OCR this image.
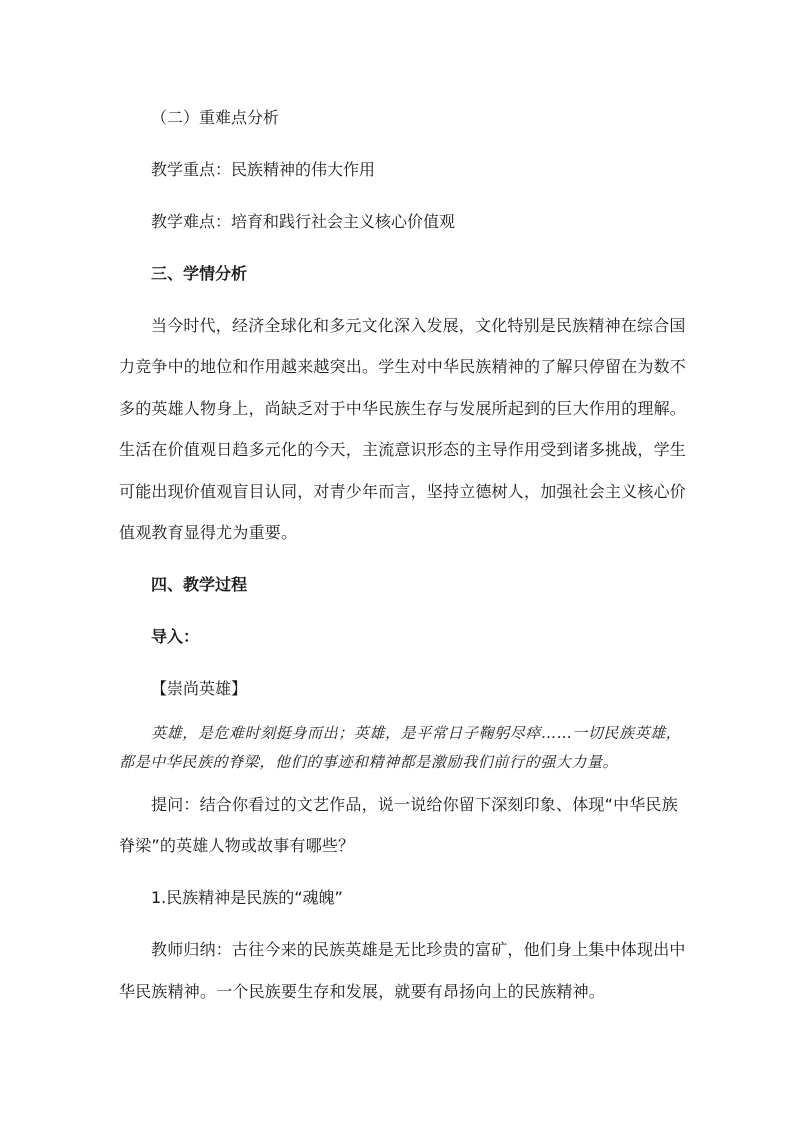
（二）重难点分析
教学重点：民族精神的伟大作用
教学难点：培育和践行社会主义核心价值观
三、学情分析
当今时代，经济全球化和多元文化深入发展，文化特别是民族精神在综合国
力竞争中的地位和作用越来越突出。学生对中华民族精神的了解只停留在为数不
多的英雄人物身上，尚缺乏对于中华民族生存与发展所起到的巨大作用的理解。
生活在价值观日趋多元化的今天，主流意识形态的主导作用受到诸多挑战，学生
可能出现价值观盲目认同，对青少年而言，坚持立德树人，加强社会主义核心价
值观教育显得尤为重要。
四、教学过程
导入：
【崇尚英雄】
英雄，是危难时刻挺身而出；英雄，是平常日子鞠躬尽瘁……一切民族英雄，
都是中华民族的脊梁，他们的事迹和精神都是激励我们前行的强大力量。
提问：结合你看过的文艺作品，说一说给你留下深刻印象、体现“中华民族
脊梁”的英雄人物或故事有哪些？
1.民族精神是民族的“魂魄”
教师归纳：古往今来的民族英雄是无比珍贵的富矿，他们身上集中体现出中
华民族精神。一个民族要生存和发展，就要有昂扬向上的民族精神。
